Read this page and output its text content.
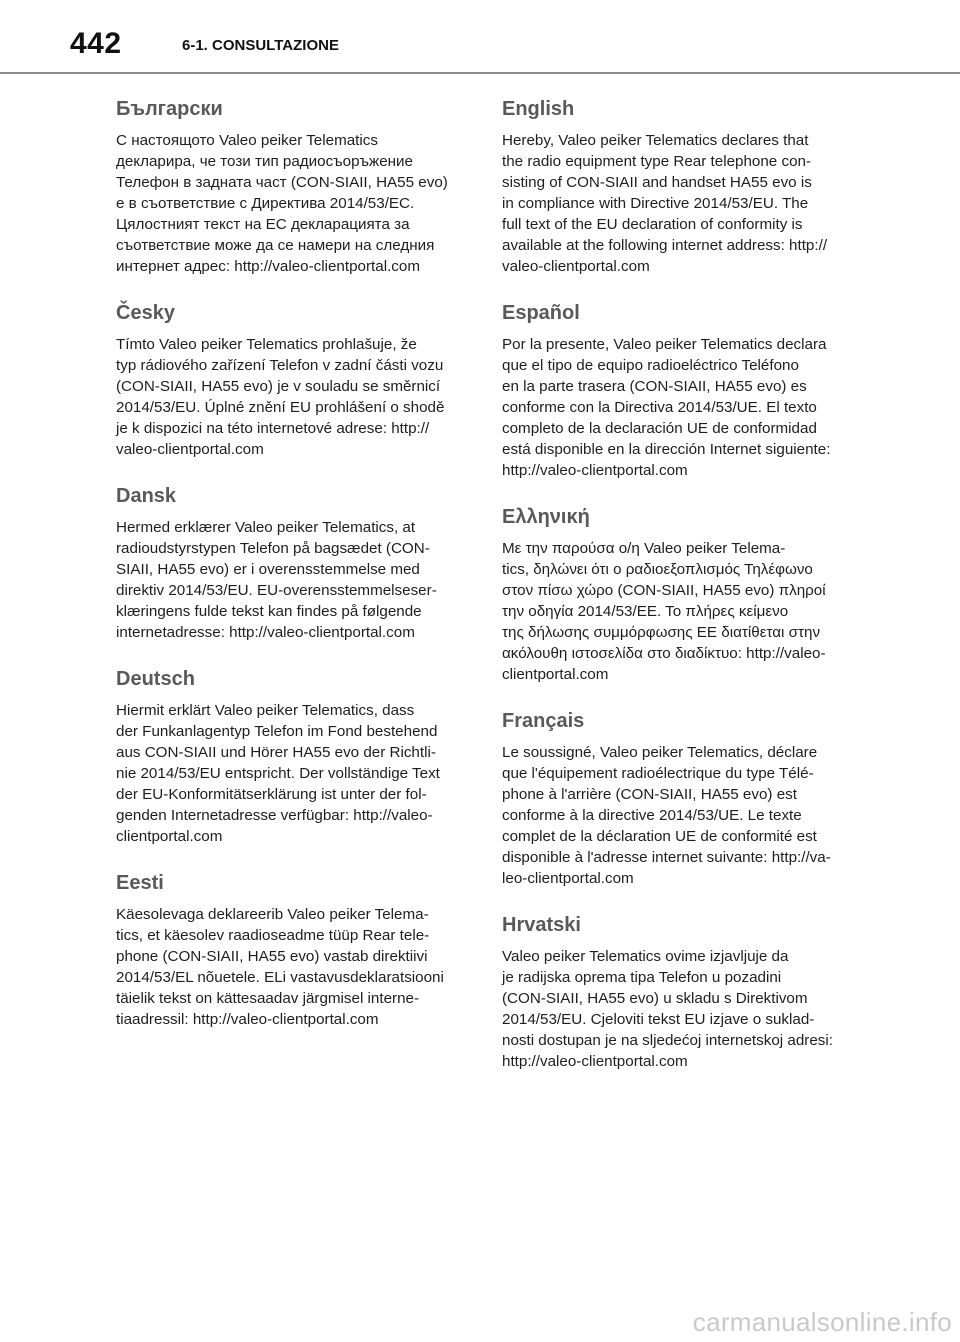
442	6-1. CONSULTAZIONE
Български

С настоящото Valeo peiker Telematics
декларира, че този тип радиосъоръжение
Телефон в задната част (CON-SIAII, HA55 evo)
е в съответствие с Директива 2014/53/ЕС.
Цялостният текст на ЕС декларацията за
съответствие може да се намери на следния
интернет адрес: http://valeo-clientportal.com

Česky

Tímto Valeo peiker Telematics prohlašuje, že
typ rádiového zařízení Telefon v zadní části vozu
(CON-SIAII, HA55 evo) je v souladu se směrnicí
2014/53/EU. Úplné znění EU prohlášení o shodě
je k dispozici na této internetové adrese: http://
valeo-clientportal.com

Dansk

Hermed erklærer Valeo peiker Telematics, at
radioudstyrstypen Telefon på bagsædet (CON-
SIAII, HA55 evo) er i overensstemmelse med
direktiv 2014/53/EU. EU-overensstemmelseser-
klæringens fulde tekst kan findes på følgende
internetadresse: http://valeo-clientportal.com

Deutsch

Hiermit erklärt Valeo peiker Telematics, dass
der Funkanlagentyp Telefon im Fond bestehend
aus CON-SIAII und Hörer HA55 evo der Richtli-
nie 2014/53/EU entspricht. Der vollständige Text
der EU-Konformitätserklärung ist unter der fol-
genden Internetadresse verfügbar: http://valeo-
clientportal.com

Eesti

Käesolevaga deklareerib Valeo peiker Telema-
tics, et käesolev raadioseadme tüüp Rear tele-
phone (CON-SIAII, HA55 evo) vastab direktiivi
2014/53/EL nõuetele. ELi vastavusdeklaratsiooni
täielik tekst on kättesaadav järgmisel interne-
tiaadressil: http://valeo-clientportal.com

English

Hereby, Valeo peiker Telematics declares that
the radio equipment type Rear telephone con-
sisting of CON-SIAII and handset HA55 evo is
in compliance with Directive 2014/53/EU. The
full text of the EU declaration of conformity is
available at the following internet address: http://
valeo-clientportal.com

Español

Por la presente, Valeo peiker Telematics declara
que el tipo de equipo radioeléctrico Teléfono
en la parte trasera (CON-SIAII, HA55 evo) es
conforme con la Directiva 2014/53/UE. El texto
completo de la declaración UE de conformidad
está disponible en la dirección Internet siguiente:
http://valeo-clientportal.com

Ελληνική

Με την παρούσα ο/η Valeo peiker Telema-
tics, δηλώνει ότι ο ραδιοεξοπλισμός Τηλέφωνο
στον πίσω χώρο (CON-SIAII, HA55 evo) πληροί
την οδηγία 2014/53/ΕΕ. Το πλήρες κείμενο
της δήλωσης συμμόρφωσης ΕΕ διατίθεται στην
ακόλουθη ιστοσελίδα στο διαδίκτυο: http://valeo-
clientportal.com

Français

Le soussigné, Valeo peiker Telematics, déclare
que l'équipement radioélectrique du type Télé-
phone à l'arrière (CON-SIAII, HA55 evo) est
conforme à la directive 2014/53/UE. Le texte
complet de la déclaration UE de conformité est
disponible à l'adresse internet suivante: http://va-
leo-clientportal.com

Hrvatski

Valeo peiker Telematics ovime izjavljuje da
je radijska oprema tipa Telefon u pozadini
(CON-SIAII, HA55 evo) u skladu s Direktivom
2014/53/EU. Cjeloviti tekst EU izjave o suklad-
nosti dostupan je na sljedećoj internetskoj adresi:
http://valeo-clientportal.com

carmanualsonline.info
